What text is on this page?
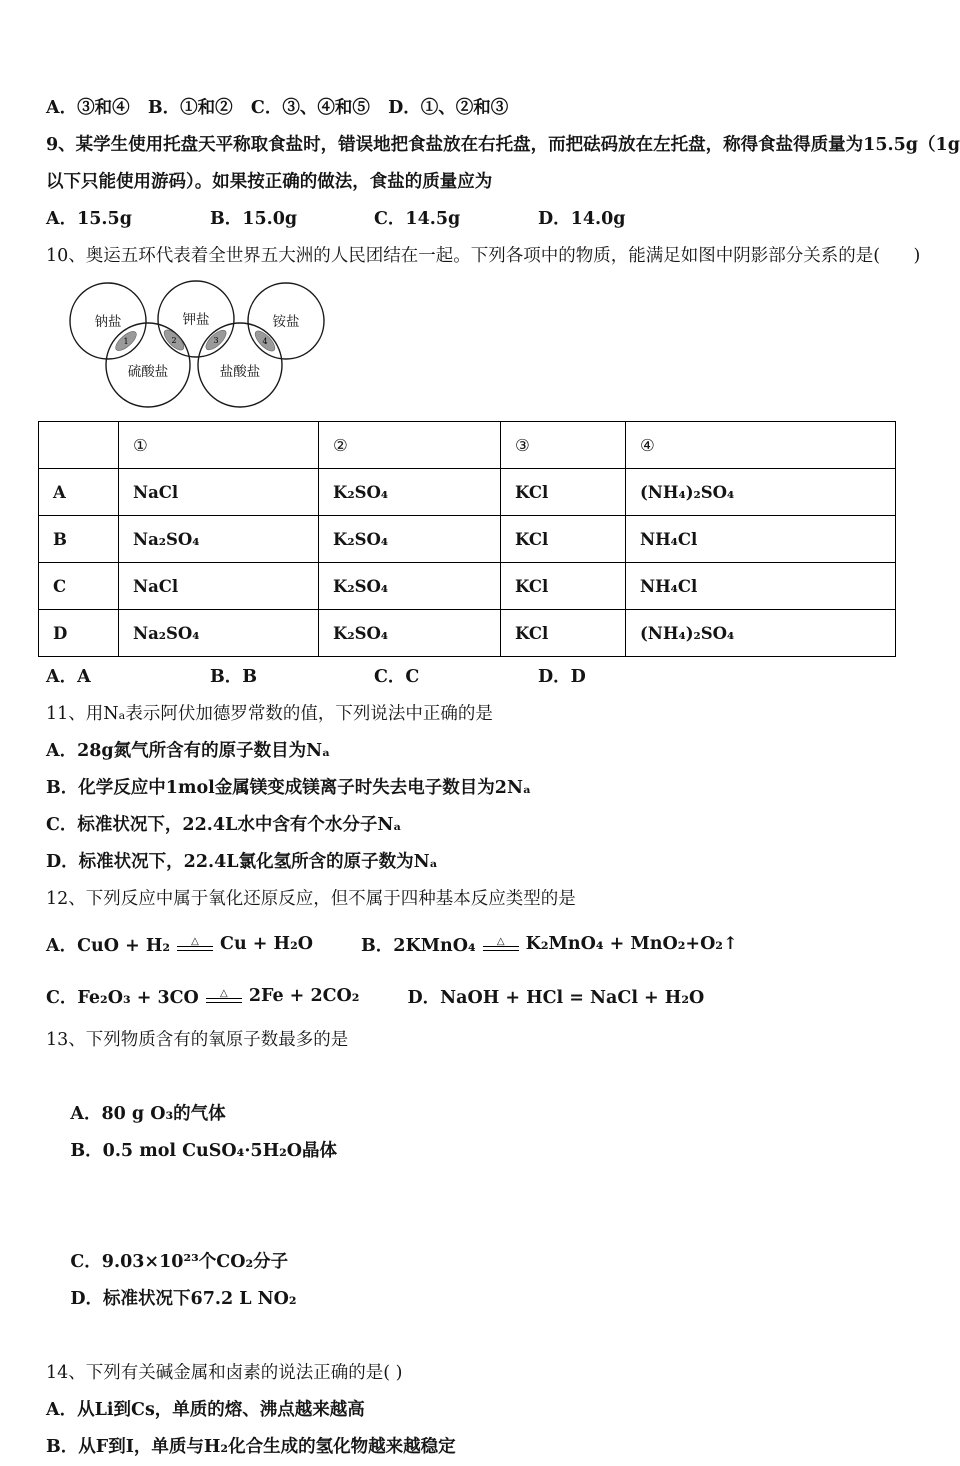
A．③和④   B．①和②   C．③、④和⑤   D．①、②和③
9、某学生使用托盘天平称取食盐时，错误地把食盐放在右托盘，而把砝码放在左托盘，称得食盐得质量为15.5g（1g
以下只能使用游码）。如果按正确的做法，食盐的质量应为
A．15.5g	B．15.0g	C．14.5g	D．14.0g
10、奥运五环代表着全世界五大洲的人民团结在一起。下列各项中的物质，能满足如图中阴影部分关系的是(      )
1	2	3	4
钠盐	钾盐	铵盐
硫酸盐	盐酸盐
	①	②	③	④
A	NaCl	K₂SO₄	KCl	(NH₄)₂SO₄
B	Na₂SO₄	K₂SO₄	KCl	NH₄Cl
C	NaCl	K₂SO₄	KCl	NH₄Cl
D	Na₂SO₄	K₂SO₄	KCl	(NH₄)₂SO₄
A．A	B．B	C．C	D．D
11、用Nₐ表示阿伏加德罗常数的值，下列说法中正确的是
A．28g氮气所含有的原子数目为Nₐ
B．化学反应中1mol金属镁变成镁离子时失去电子数目为2Nₐ
C．标准状况下，22.4L水中含有个水分子Nₐ
D．标准状况下，22.4L氯化氢所含的原子数为Nₐ
12、下列反应中属于氧化还原反应，但不属于四种基本反应类型的是
A．CuO + H₂ △ Cu + H₂O	B．2KMnO₄ △ K₂MnO₄ + MnO₂+O₂↑
C．Fe₂O₃ + 3CO △ 2Fe + 2CO₂	D．NaOH + HCl = NaCl + H₂O
13、下列物质含有的氧原子数最多的是

A．80 g O₃的气体
B．0.5 mol CuSO₄·5H₂O晶体

C．9.03×10²³个CO₂分子
D．标准状况下67.2 L NO₂

14、下列有关碱金属和卤素的说法正确的是( )
A．从Li到Cs，单质的熔、沸点越来越高
B．从F到I，单质与H₂化合生成的氢化物越来越稳定
